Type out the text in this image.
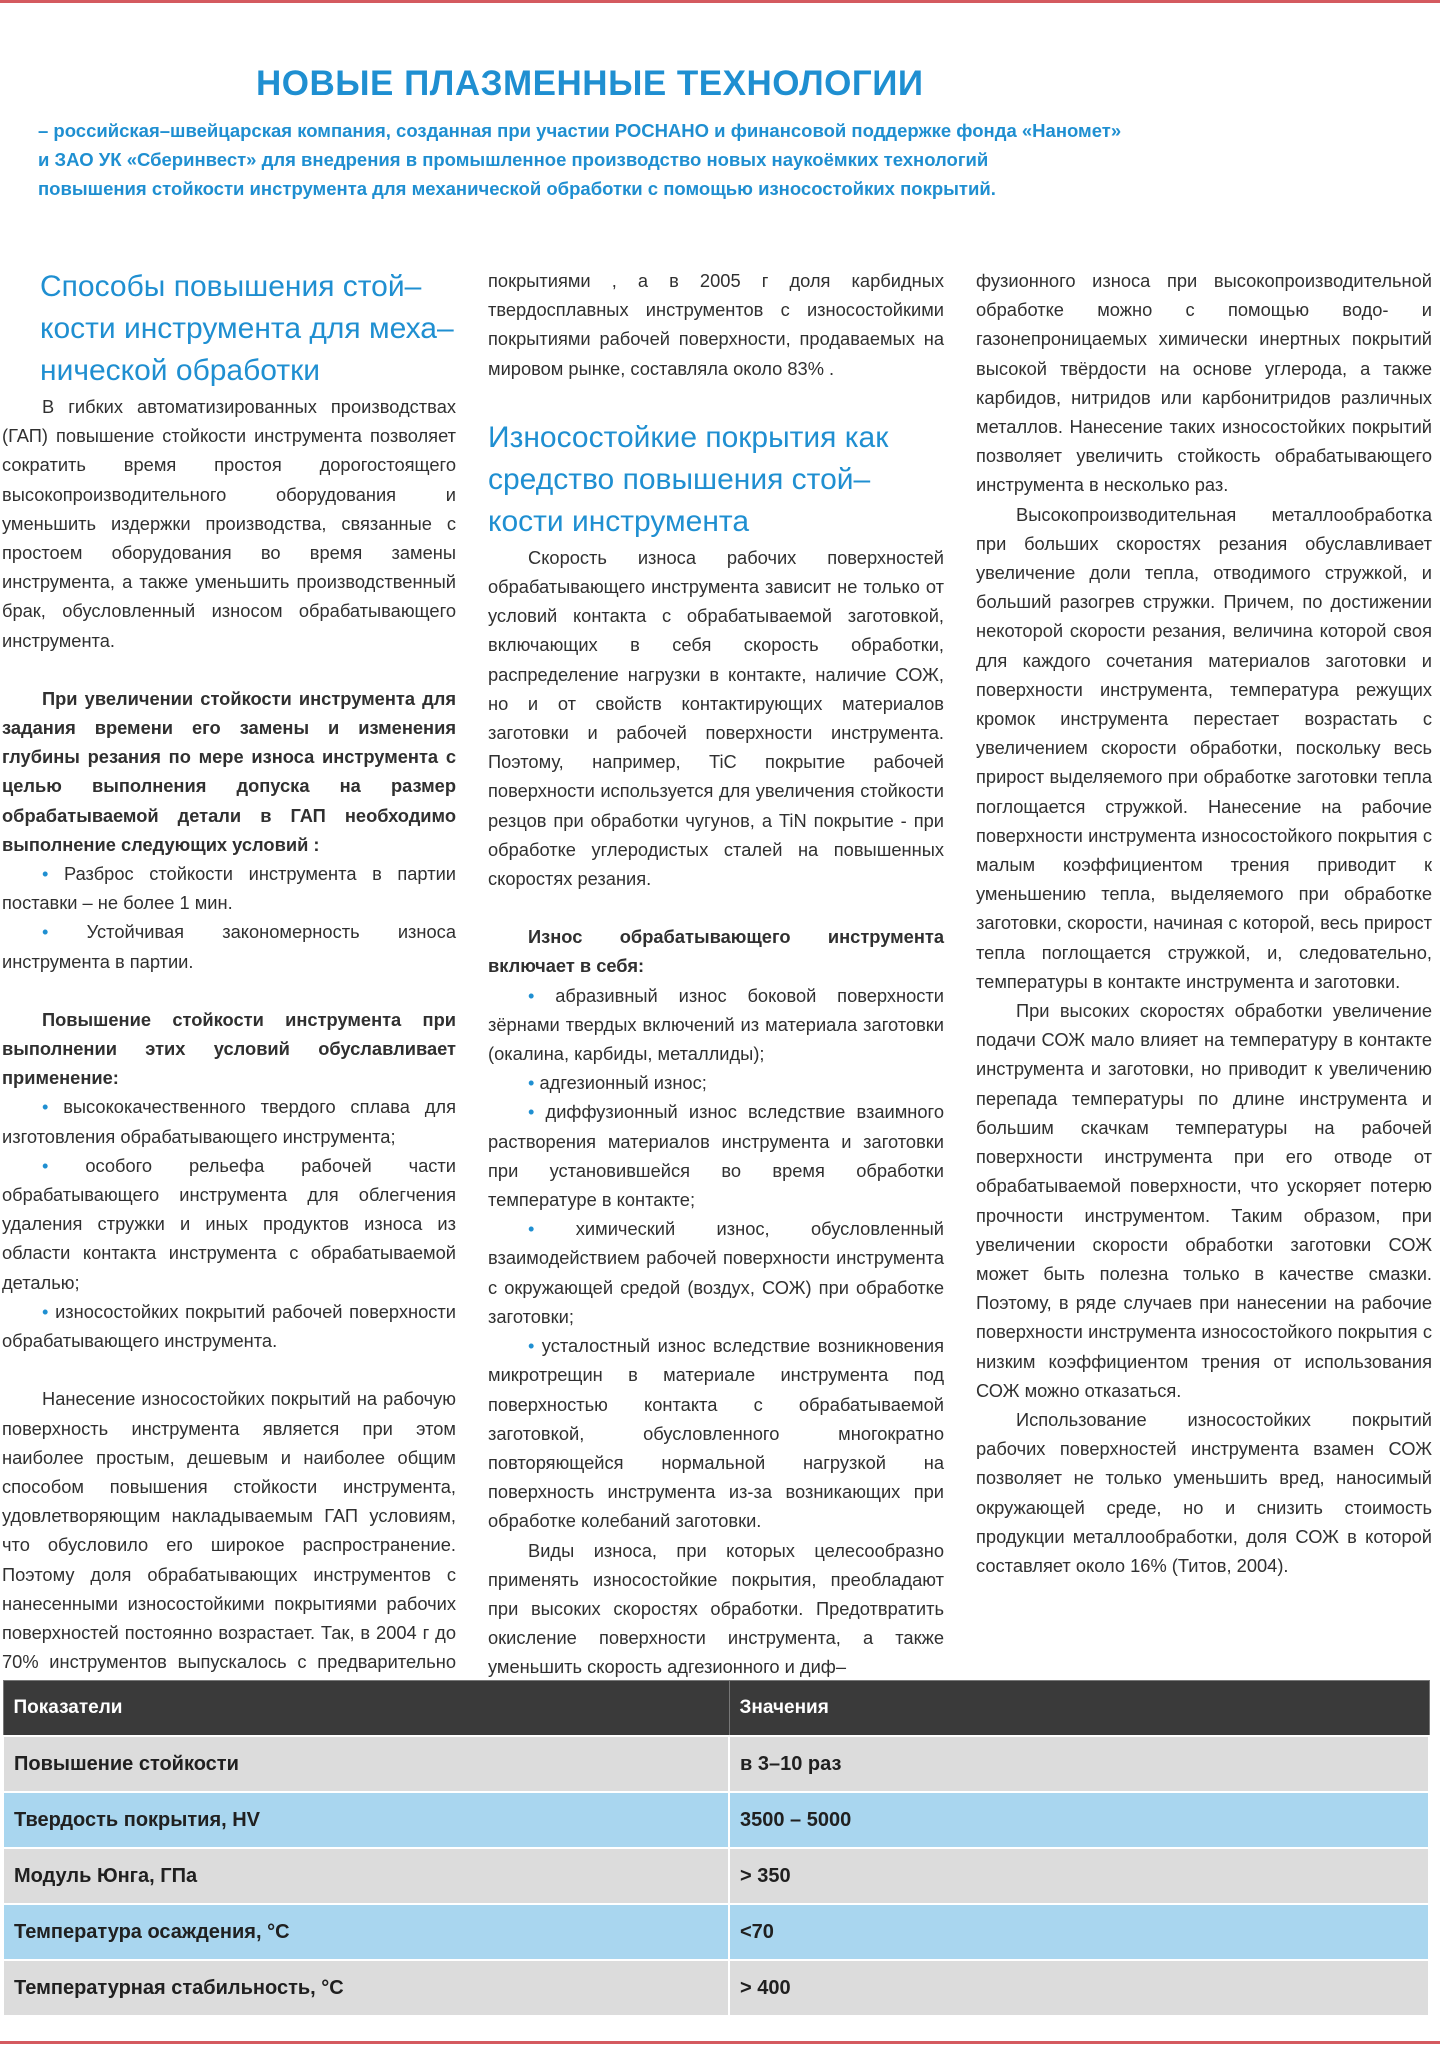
НОВЫЕ ПЛАЗМЕННЫЕ ТЕХНОЛОГИИ

– российская–швейцарская компания, созданная при участии РОСНАНО и финансовой поддержке фонда «Наномет»

и ЗАО УК «Сберинвест» для внедрения в промышленное производство новых наукоёмких технологий

повышения стойкости инструмента для механической обработки с помощью износостойких покрытий.

Способы повышения стой–кости инструмента для меха–нической обработки

В гибких автоматизированных производствах (ГАП) повышение стойкости инструмента позволяет сократить время простоя дорогостоящего высокопроизводительного оборудования и уменьшить издержки производства, связанные с простоем оборудования во время замены инструмента, а также уменьшить производственный брак, обусловленный износом обрабатывающего инструмента.

При увеличении стойкости инструмента для задания времени его замены и изменения глубины резания по мере износа инструмента с целью выполнения допуска на размер обрабатываемой детали в ГАП необходимо выполнение следующих условий :

• Разброс стойкости инструмента в партии поставки – не более 1 мин.

• Устойчивая закономерность износа инструмента в партии.

Повышение стойкости инструмента при выполнении этих условий обуславливает применение:

• высококачественного твердого сплава для изготовления обрабатывающего инструмента;

• особого рельефа рабочей части обрабатывающего инструмента для облегчения удаления стружки и иных продуктов износа из области контакта инструмента с обрабатываемой деталью;

• износостойких покрытий рабочей поверхности обрабатывающего инструмента.

Нанесение износостойких покрытий на рабочую поверхность инструмента является при этом наиболее простым, дешевым и наиболее общим способом повышения стойкости инструмента, удовлетворяющим накладываемым ГАП условиям, что обусловило его широкое распространение. Поэтому доля обрабатывающих инструментов с нанесенными износостойкими покрытиями рабочих поверхностей постоянно возрастает. Так, в 2004 г до 70% инструментов выпускалось с предварительно

покрытиями , а в 2005 г доля карбидных твердосплавных инструментов с износостойкими покрытиями рабочей поверхности, продаваемых на мировом рынке, составляла около 83% .

Износостойкие покрытия как средство повышения стой–кости инструмента

Скорость износа рабочих поверхностей обрабатывающего инструмента зависит не только от условий контакта с обрабатываемой заготовкой, включающих в себя скорость обработки, распределение нагрузки в контакте, наличие СОЖ, но и от свойств контактирующих материалов заготовки и рабочей поверхности инструмента. Поэтому, например, TiC покрытие рабочей поверхности используется для увеличения стойкости резцов при обработки чугунов, а TiN покрытие - при обработке углеродистых сталей на повышенных скоростях резания.

Износ обрабатывающего инструмента включает в себя:

• абразивный износ боковой поверхности зёрнами твердых включений из материала заготовки (окалина, карбиды, металлиды);

• адгезионный износ;

• диффузионный износ вследствие взаимного растворения материалов инструмента и заготовки при установившейся во время обработки температуре в контакте;

• химический износ, обусловленный взаимодействием рабочей поверхности инструмента с окружающей средой (воздух, СОЖ) при обработке заготовки;

• усталостный износ вследствие возникновения микротрещин в материале инструмента под поверхностью контакта с обрабатываемой заготовкой, обусловленного многократно повторяющейся нормальной нагрузкой на поверхность инструмента из-за возникающих при обработке колебаний заготовки.

Виды износа, при которых целесообразно применять износостойкие покрытия, преобладают при высоких скоростях обработки. Предотвратить окисление поверхности инструмента, а также уменьшить скорость адгезионного и диф–

фузионного износа при высокопроизводительной обработке можно с помощью водо- и газонепроницаемых химически инертных покрытий высокой твёрдости на основе углерода, а также карбидов, нитридов или карбонитридов различных металлов. Нанесение таких износостойких покрытий позволяет увеличить стойкость обрабатывающего инструмента в несколько раз.

Высокопроизводительная металлообработка при больших скоростях резания обуславливает увеличение доли тепла, отводимого стружкой, и больший разогрев стружки. Причем, по достижении некоторой скорости резания, величина которой своя для каждого сочетания материалов заготовки и поверхности инструмента, температура режущих кромок инструмента перестает возрастать с увеличением скорости обработки, поскольку весь прирост выделяемого при обработке заготовки тепла поглощается стружкой. Нанесение на рабочие поверхности инструмента износостойкого покрытия с малым коэффициентом трения приводит к уменьшению тепла, выделяемого при обработке заготовки, скорости, начиная с которой, весь прирост тепла поглощается стружкой, и, следовательно, температуры в контакте инструмента и заготовки.

При высоких скоростях обработки увеличение подачи СОЖ мало влияет на температуру в контакте инструмента и заготовки, но приводит к увеличению перепада температуры по длине инструмента и большим скачкам температуры на рабочей поверхности инструмента при его отводе от обрабатываемой поверхности, что ускоряет потерю прочности инструментом. Таким образом, при увеличении скорости обработки заготовки СОЖ может быть полезна только в качестве смазки. Поэтому, в ряде случаев при нанесении на рабочие поверхности инструмента износостойкого покрытия с низким коэффициентом трения от использования СОЖ можно отказаться.

Использование износостойких покрытий рабочих поверхностей инструмента взамен СОЖ позволяет не только уменьшить вред, наносимый окружающей среде, но и снизить стоимость продукции металлообработки, доля СОЖ в которой составляет около 16% (Титов, 2004).

Показатели	Значения
Повышение стойкости	в 3–10 раз
Твердость покрытия, HV	3500 – 5000
Модуль Юнга, ГПа	> 350
Температура осаждения, °С	<70
Температурная стабильность, °С	> 400
